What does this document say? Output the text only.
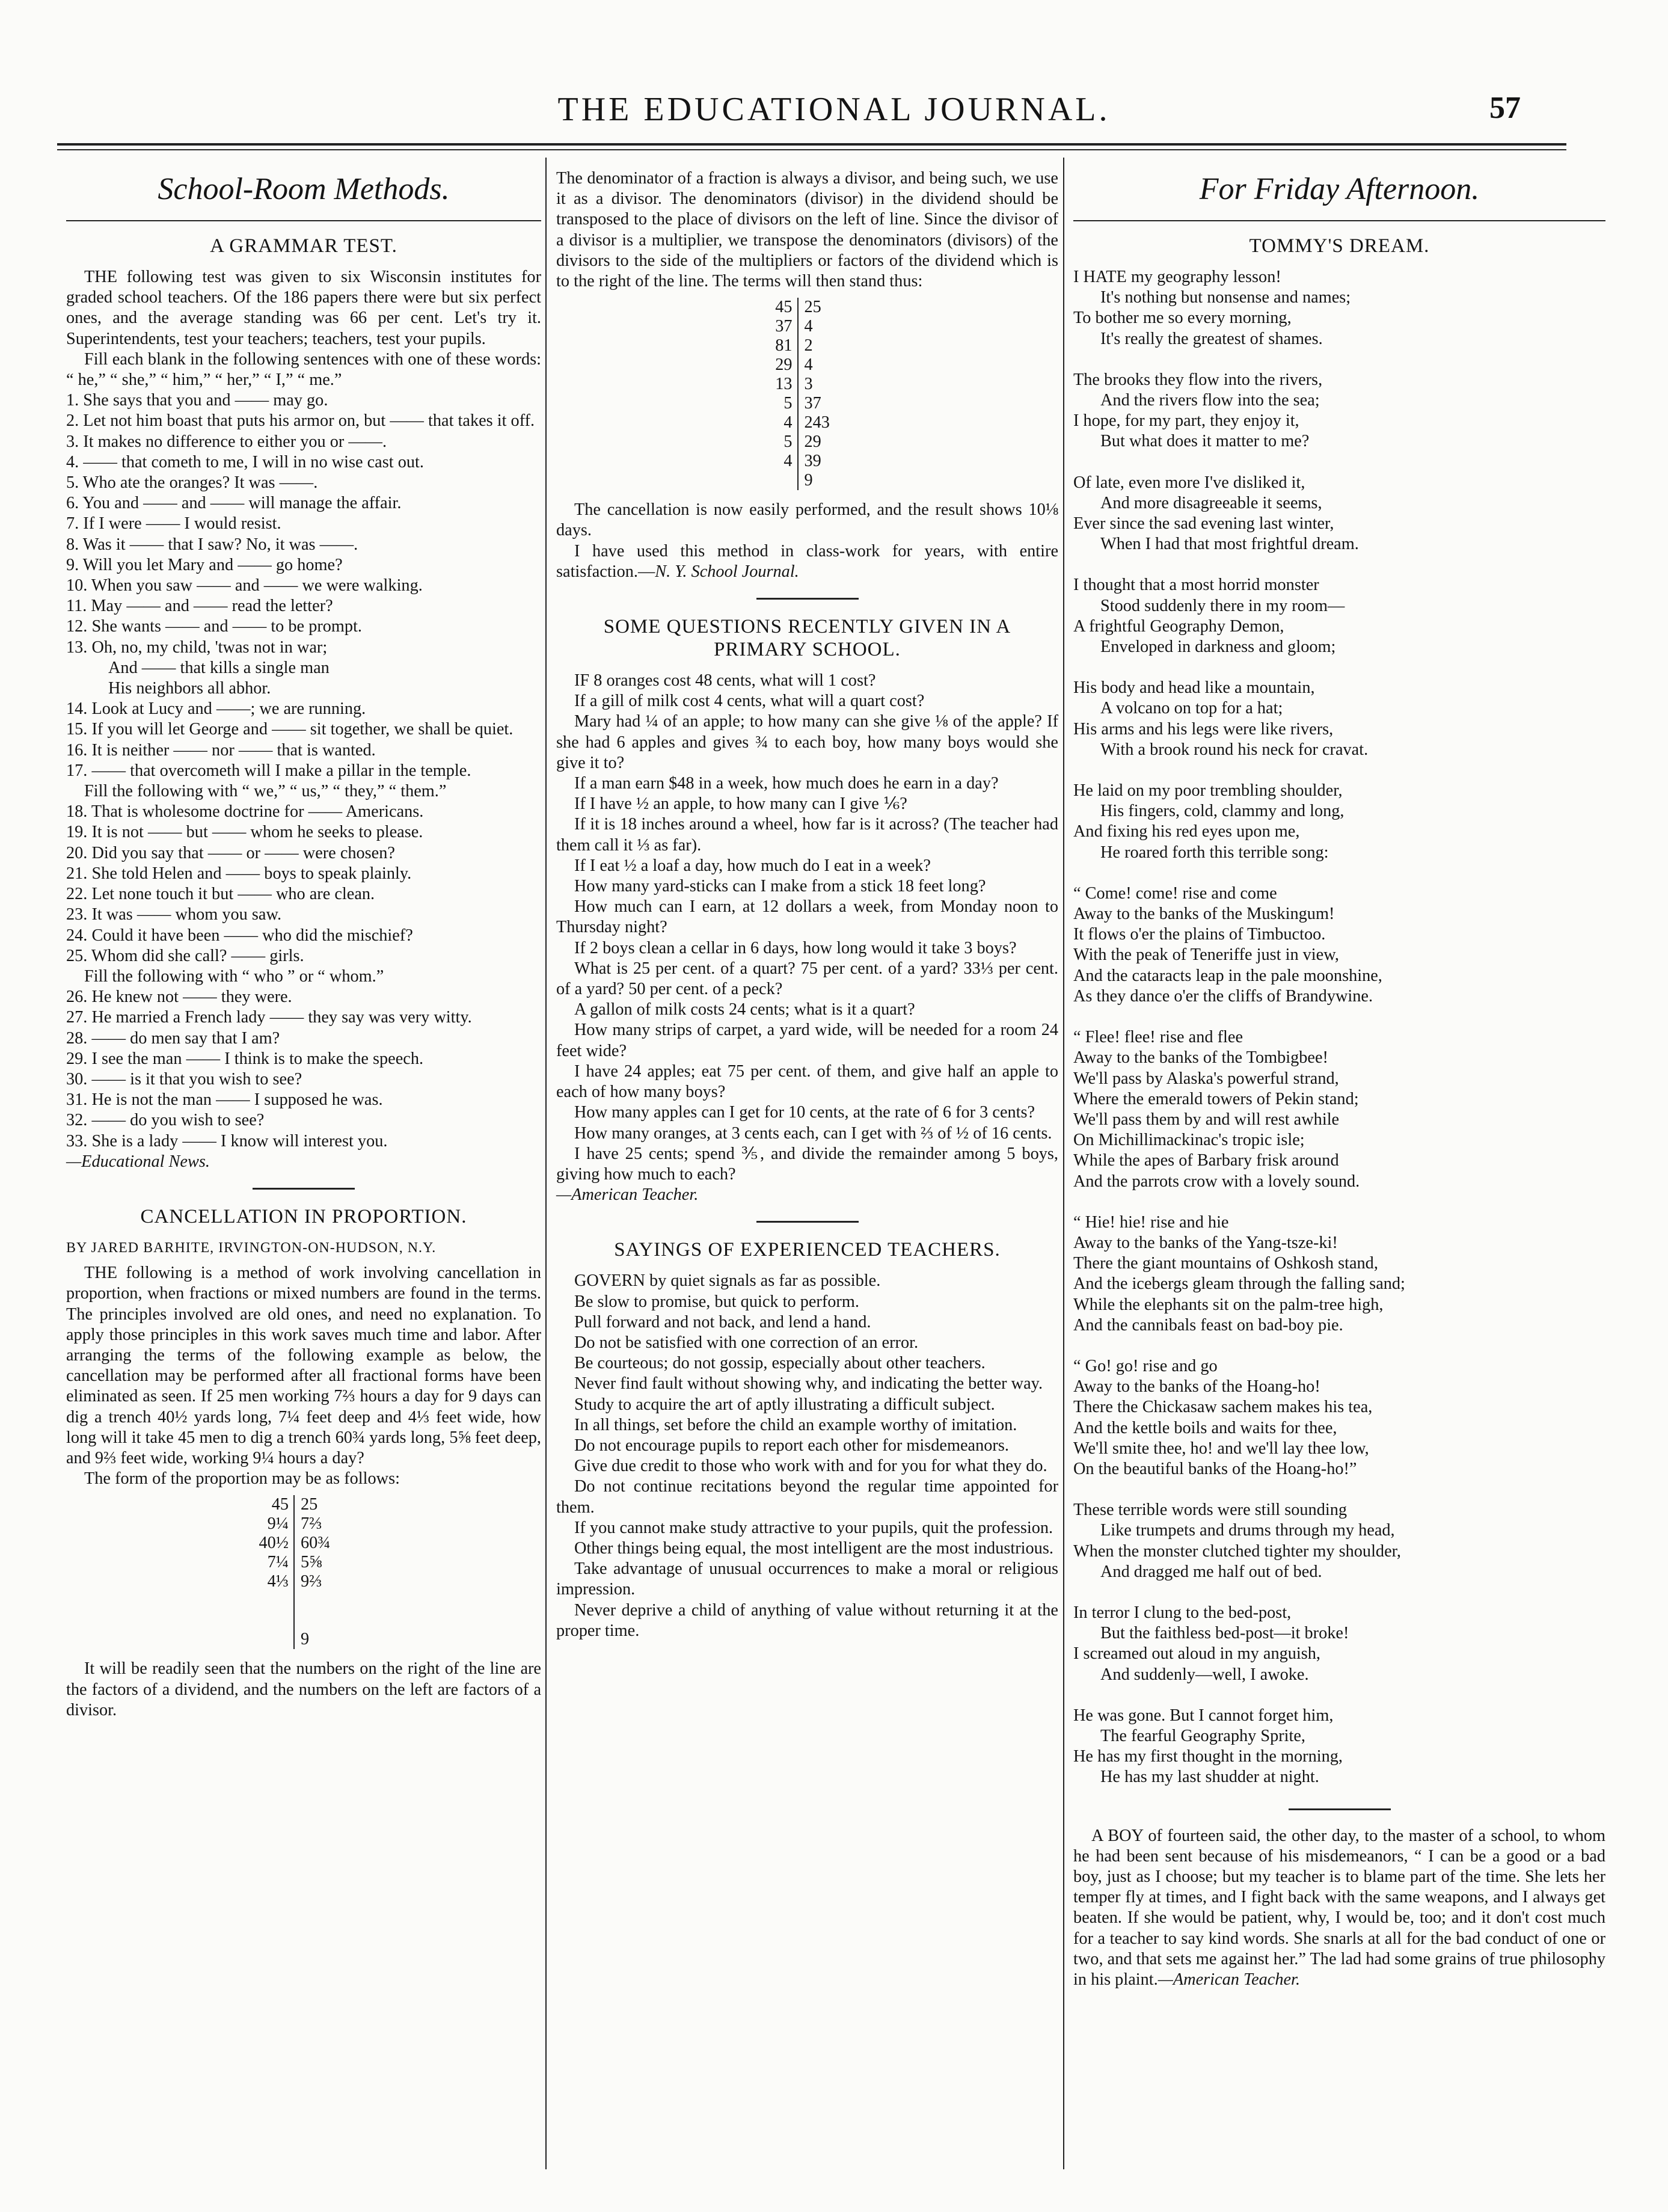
THE EDUCATIONAL JOURNAL.	57
School-Room Methods.
A GRAMMAR TEST.

THE following test was given to six Wisconsin institutes for graded school teachers. Of the 186 papers there were but six perfect ones, and the average standing was 66 per cent. Let's try it. Superintendents, test your teachers; teachers, test your pupils.

Fill each blank in the following sentences with one of these words: “ he,” “ she,” “ him,” “ her,” “ I,” “ me.”

1. She says that you and —— may go.

2. Let not him boast that puts his armor on, but —— that takes it off.

3. It makes no difference to either you or ——.

4. —— that cometh to me, I will in no wise cast out.

5. Who ate the oranges? It was ——.

6. You and —— and —— will manage the affair.

7. If I were —— I would resist.

8. Was it —— that I saw? No, it was ——.

9. Will you let Mary and —— go home?

10. When you saw —— and —— we were walking.

11. May —— and —— read the letter?

12. She wants —— and —— to be prompt.

13. Oh, no, my child, 'twas not in war;

And —— that kills a single man

His neighbors all abhor.

14. Look at Lucy and ——; we are running.

15. If you will let George and —— sit together, we shall be quiet.

16. It is neither —— nor —— that is wanted.

17. —— that overcometh will I make a pillar in the temple.

Fill the following with “ we,” “ us,” “ they,” “ them.”

18. That is wholesome doctrine for —— Americans.

19. It is not —— but —— whom he seeks to please.

20. Did you say that —— or —— were chosen?

21. She told Helen and —— boys to speak plainly.

22. Let none touch it but —— who are clean.

23. It was —— whom you saw.

24. Could it have been —— who did the mischief?

25. Whom did she call? —— girls.

Fill the following with “ who ” or “ whom.”

26. He knew not —— they were.

27. He married a French lady —— they say was very witty.

28. —— do men say that I am?

29. I see the man —— I think is to make the speech.

30. —— is it that you wish to see?

31. He is not the man —— I supposed he was.

32. —— do you wish to see?

33. She is a lady —— I know will interest you.

—Educational News.

CANCELLATION IN PROPORTION.
BY JARED BARHITE, IRVINGTON-ON-HUDSON, N.Y.

THE following is a method of work involving cancellation in proportion, when fractions or mixed numbers are found in the terms. The principles involved are old ones, and need no explanation. To apply those principles in this work saves much time and labor. After arranging the terms of the following example as below, the cancellation may be performed after all fractional forms have been eliminated as seen. If 25 men working 7⅔ hours a day for 9 days can dig a trench 40½ yards long, 7¼ feet deep and 4⅓ feet wide, how long will it take 45 men to dig a trench 60¾ yards long, 5⅝ feet deep, and 9⅔ feet wide, working 9¼ hours a day?

The form of the proportion may be as follows:

45
9¼
40½
7¼
4⅓
25
7⅔
60¾
5⅝
9⅔
9

It will be readily seen that the numbers on the right of the line are the factors of a dividend, and the numbers on the left are factors of a divisor.

The denominator of a fraction is always a divisor, and being such, we use it as a divisor. The denominators (divisor) in the dividend should be transposed to the place of divisors on the left of line. Since the divisor of a divisor is a multiplier, we transpose the denominators (divisors) of the divisors to the side of the multipliers or factors of the dividend which is to the right of the line. The terms will then stand thus:

45
37
81
29
13
5
4
5
4
25
4
2
4
3
37
243
29
39
9

The cancellation is now easily performed, and the result shows 10⅛ days.

I have used this method in class-work for years, with entire satisfaction.—N. Y. School Journal.

SOME QUESTIONS RECENTLY GIVEN IN A PRIMARY SCHOOL.

IF 8 oranges cost 48 cents, what will 1 cost?

If a gill of milk cost 4 cents, what will a quart cost?

Mary had ¼ of an apple; to how many can she give ⅛ of the apple? If she had 6 apples and gives ¾ to each boy, how many boys would she give it to?

If a man earn $48 in a week, how much does he earn in a day?

If I have ½ an apple, to how many can I give ⅙?

If it is 18 inches around a wheel, how far is it across? (The teacher had them call it ⅓ as far).

If I eat ½ a loaf a day, how much do I eat in a week?

How many yard-sticks can I make from a stick 18 feet long?

How much can I earn, at 12 dollars a week, from Monday noon to Thursday night?

If 2 boys clean a cellar in 6 days, how long would it take 3 boys?

What is 25 per cent. of a quart? 75 per cent. of a yard? 33⅓ per cent. of a yard? 50 per cent. of a peck?

A gallon of milk costs 24 cents; what is it a quart?

How many strips of carpet, a yard wide, will be needed for a room 24 feet wide?

I have 24 apples; eat 75 per cent. of them, and give half an apple to each of how many boys?

How many apples can I get for 10 cents, at the rate of 6 for 3 cents?

How many oranges, at 3 cents each, can I get with ⅔ of ½ of 16 cents.

I have 25 cents; spend ⅗, and divide the remainder among 5 boys, giving how much to each?

—American Teacher.

SAYINGS OF EXPERIENCED TEACHERS.

GOVERN by quiet signals as far as possible.

Be slow to promise, but quick to perform.

Pull forward and not back, and lend a hand.

Do not be satisfied with one correction of an error.

Be courteous; do not gossip, especially about other teachers.

Never find fault without showing why, and indicating the better way.

Study to acquire the art of aptly illustrating a difficult subject.

In all things, set before the child an example worthy of imitation.

Do not encourage pupils to report each other for misdemeanors.

Give due credit to those who work with and for you for what they do.

Do not continue recitations beyond the regular time appointed for them.

If you cannot make study attractive to your pupils, quit the profession.

Other things being equal, the most intelligent are the most industrious.

Take advantage of unusual occurrences to make a moral or religious impression.

Never deprive a child of anything of value without returning it at the proper time.

For Friday Afternoon.
TOMMY'S DREAM.
I HATE my geography lesson!
It's nothing but nonsense and names;
To bother me so every morning,
It's really the greatest of shames.
The brooks they flow into the rivers,
And the rivers flow into the sea;
I hope, for my part, they enjoy it,
But what does it matter to me?
Of late, even more I've disliked it,
And more disagreeable it seems,
Ever since the sad evening last winter,
When I had that most frightful dream.
I thought that a most horrid monster
Stood suddenly there in my room—
A frightful Geography Demon,
Enveloped in darkness and gloom;
His body and head like a mountain,
A volcano on top for a hat;
His arms and his legs were like rivers,
With a brook round his neck for cravat.
He laid on my poor trembling shoulder,
His fingers, cold, clammy and long,
And fixing his red eyes upon me,
He roared forth this terrible song:
“ Come! come! rise and come
Away to the banks of the Muskingum!
It flows o'er the plains of Timbuctoo.
With the peak of Teneriffe just in view,
And the cataracts leap in the pale moonshine,
As they dance o'er the cliffs of Brandywine.
“ Flee! flee! rise and flee
Away to the banks of the Tombigbee!
We'll pass by Alaska's powerful strand,
Where the emerald towers of Pekin stand;
We'll pass them by and will rest awhile
On Michillimackinac's tropic isle;
While the apes of Barbary frisk around
And the parrots crow with a lovely sound.
“ Hie! hie! rise and hie
Away to the banks of the Yang-tsze-ki!
There the giant mountains of Oshkosh stand,
And the icebergs gleam through the falling sand;
While the elephants sit on the palm-tree high,
And the cannibals feast on bad-boy pie.
“ Go! go! rise and go
Away to the banks of the Hoang-ho!
There the Chickasaw sachem makes his tea,
And the kettle boils and waits for thee,
We'll smite thee, ho! and we'll lay thee low,
On the beautiful banks of the Hoang-ho!”
These terrible words were still sounding
Like trumpets and drums through my head,
When the monster clutched tighter my shoulder,
And dragged me half out of bed.
In terror I clung to the bed-post,
But the faithless bed-post—it broke!
I screamed out aloud in my anguish,
And suddenly—well, I awoke.
He was gone. But I cannot forget him,
The fearful Geography Sprite,
He has my first thought in the morning,
He has my last shudder at night.

A BOY of fourteen said, the other day, to the master of a school, to whom he had been sent because of his misdemeanors, “ I can be a good or a bad boy, just as I choose; but my teacher is to blame part of the time. She lets her temper fly at times, and I fight back with the same weapons, and I always get beaten. If she would be patient, why, I would be, too; and it don't cost much for a teacher to say kind words. She snarls at all for the bad conduct of one or two, and that sets me against her.” The lad had some grains of true philosophy in his plaint.—American Teacher.
